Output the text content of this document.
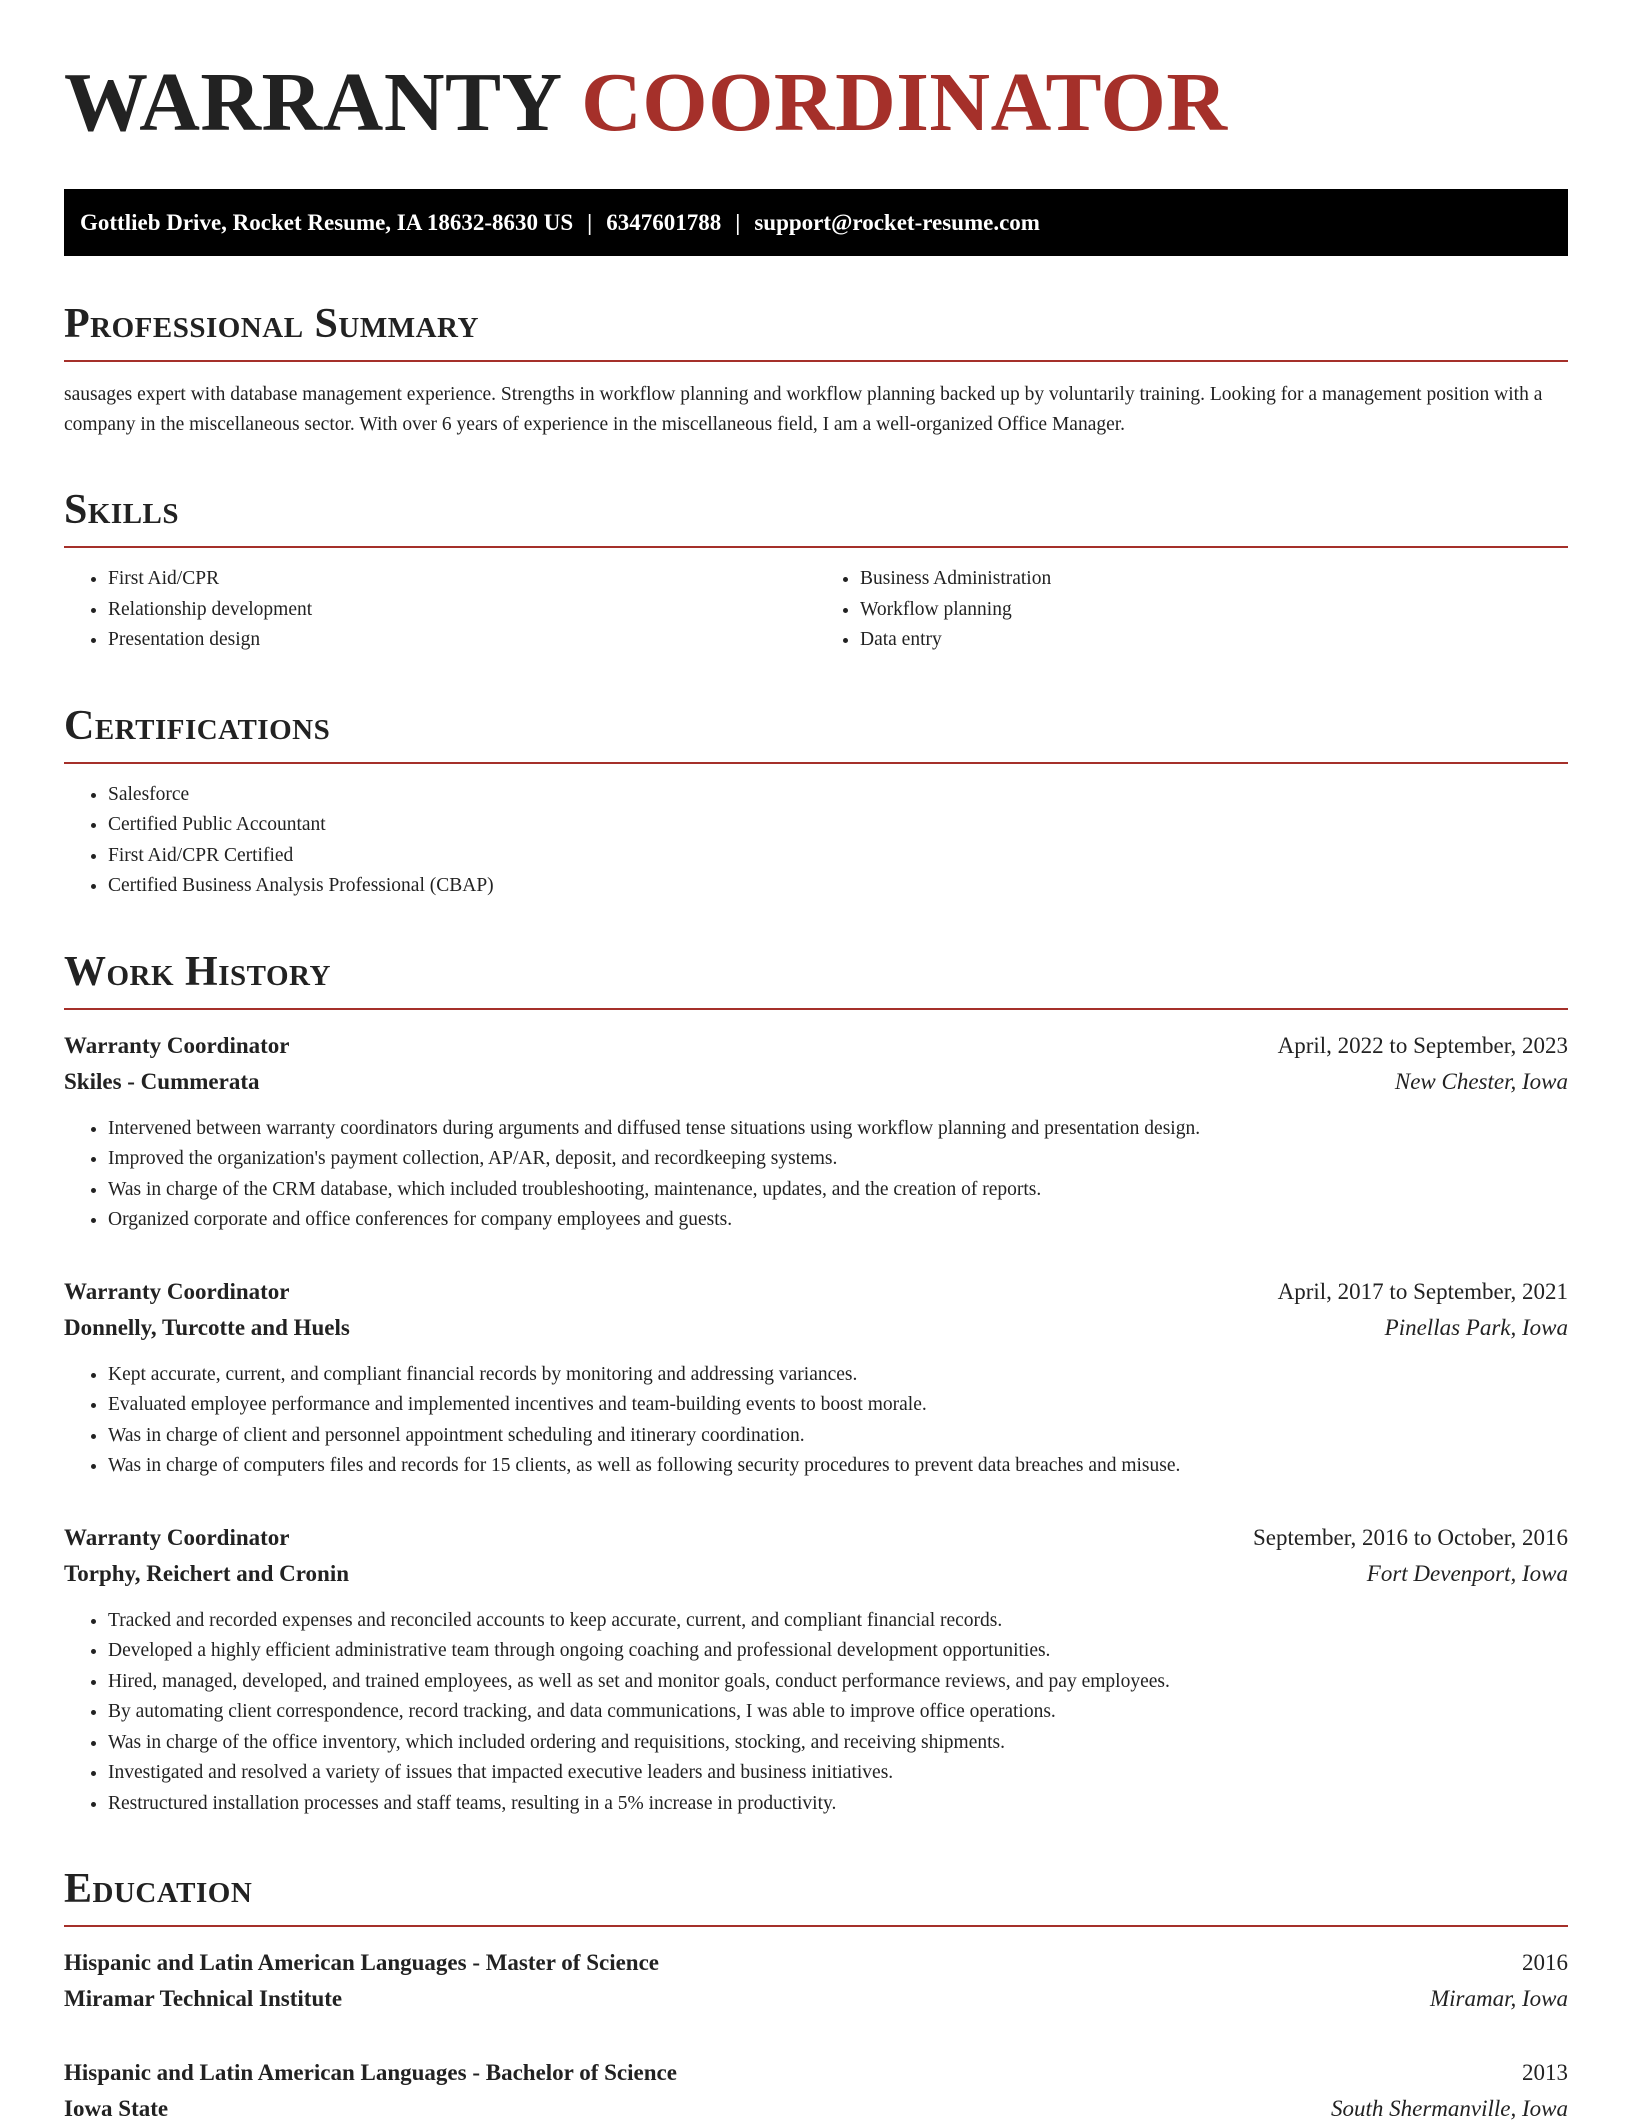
WARRANTY COORDINATOR
Gottlieb Drive, Rocket Resume, IA 18632-8630 US | 6347601788 | support@rocket-resume.com
Professional Summary

sausages expert with database management experience. Strengths in workflow planning and workflow planning backed up by voluntarily training. Looking for a management position with a company in the miscellaneous sector. With over 6 years of experience in the miscellaneous field, I am a well-organized Office Manager.

Skills
• First Aid/CPR
• Relationship development
• Presentation design
• Business Administration
• Workflow planning
• Data entry
Certifications
• Salesforce
• Certified Public Accountant
• First Aid/CPR Certified
• Certified Business Analysis Professional (CBAP)
Work History
Warranty Coordinator	April, 2022 to September, 2023
Skiles - Cummerata	New Chester, Iowa
• Intervened between warranty coordinators during arguments and diffused tense situations using workflow planning and presentation design.
• Improved the organization's payment collection, AP/AR, deposit, and recordkeeping systems.
• Was in charge of the CRM database, which included troubleshooting, maintenance, updates, and the creation of reports.
• Organized corporate and office conferences for company employees and guests.
Warranty Coordinator	April, 2017 to September, 2021
Donnelly, Turcotte and Huels	Pinellas Park, Iowa
• Kept accurate, current, and compliant financial records by monitoring and addressing variances.
• Evaluated employee performance and implemented incentives and team-building events to boost morale.
• Was in charge of client and personnel appointment scheduling and itinerary coordination.
• Was in charge of computers files and records for 15 clients, as well as following security procedures to prevent data breaches and misuse.
Warranty Coordinator	September, 2016 to October, 2016
Torphy, Reichert and Cronin	Fort Devenport, Iowa
• Tracked and recorded expenses and reconciled accounts to keep accurate, current, and compliant financial records.
• Developed a highly efficient administrative team through ongoing coaching and professional development opportunities.
• Hired, managed, developed, and trained employees, as well as set and monitor goals, conduct performance reviews, and pay employees.
• By automating client correspondence, record tracking, and data communications, I was able to improve office operations.
• Was in charge of the office inventory, which included ordering and requisitions, stocking, and receiving shipments.
• Investigated and resolved a variety of issues that impacted executive leaders and business initiatives.
• Restructured installation processes and staff teams, resulting in a 5% increase in productivity.
Education
Hispanic and Latin American Languages - Master of Science	2016
Miramar Technical Institute	Miramar, Iowa
Hispanic and Latin American Languages - Bachelor of Science	2013
Iowa State	South Shermanville, Iowa
